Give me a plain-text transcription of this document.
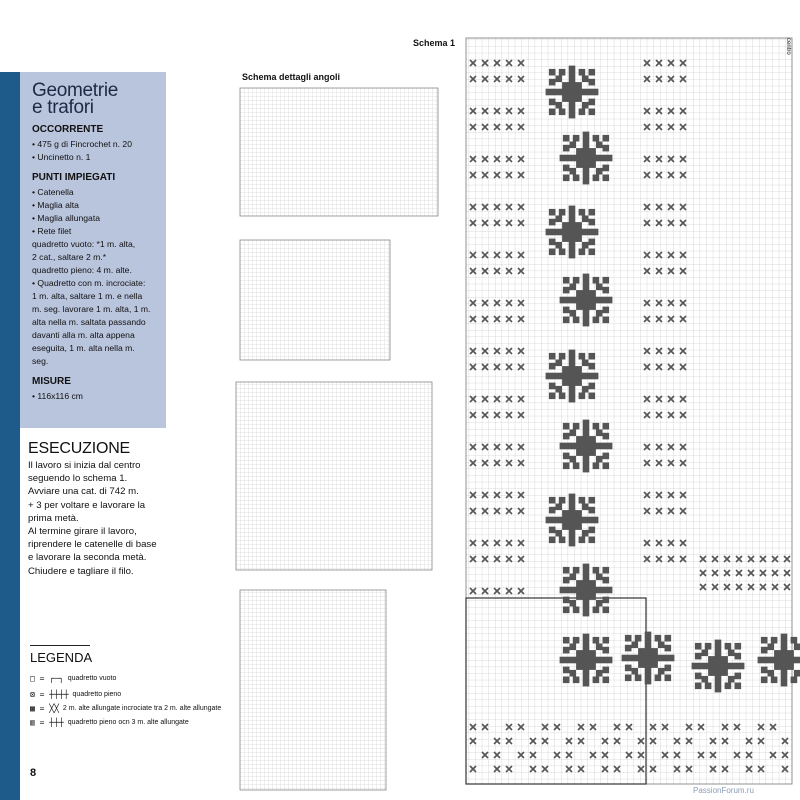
Geometrie
e trafori
OCCORRENTE
• 475 g di Fincrochet n. 20
• Uncinetto n. 1
PUNTI IMPIEGATI
• Catenella
• Maglia alta
• Maglia allungata
• Rete filet
quadretto vuoto: *1 m. alta,
2 cat., saltare 2 m.*
quadretto pieno: 4 m. alte.
• Quadretto con m. incrociate:
1 m. alta, saltare 1 m. e nella
m. seg. lavorare 1 m. alta, 1 m.
alta nella m. saltata passando
davanti alla m. alta appena
eseguita, 1 m. alta nella m.
seg.
MISURE
• 116x116 cm
ESECUZIONE
Il lavoro si inizia dal centro
seguendo lo schema 1.
Avviare una cat. di 742 m.
+ 3 per voltare e lavorare la
prima metà.
Al termine girare il lavoro,
riprendere le catenelle di base
e lavorare la seconda metà.
Chiudere e tagliare il filo.
LEGENDA
□ = ┌─┐ quadretto vuoto
⊠ = ┼┼┼┼ quadretto pieno
▩ = ╳╳ 2 m. alte allungate incrociate tra 2 m. alte allungate
▥ = ┼┼┼ quadretto pieno ocn 3 m. alte allungate
8
Schema dettagli angoli
Schema 1
PassionForum.ru
